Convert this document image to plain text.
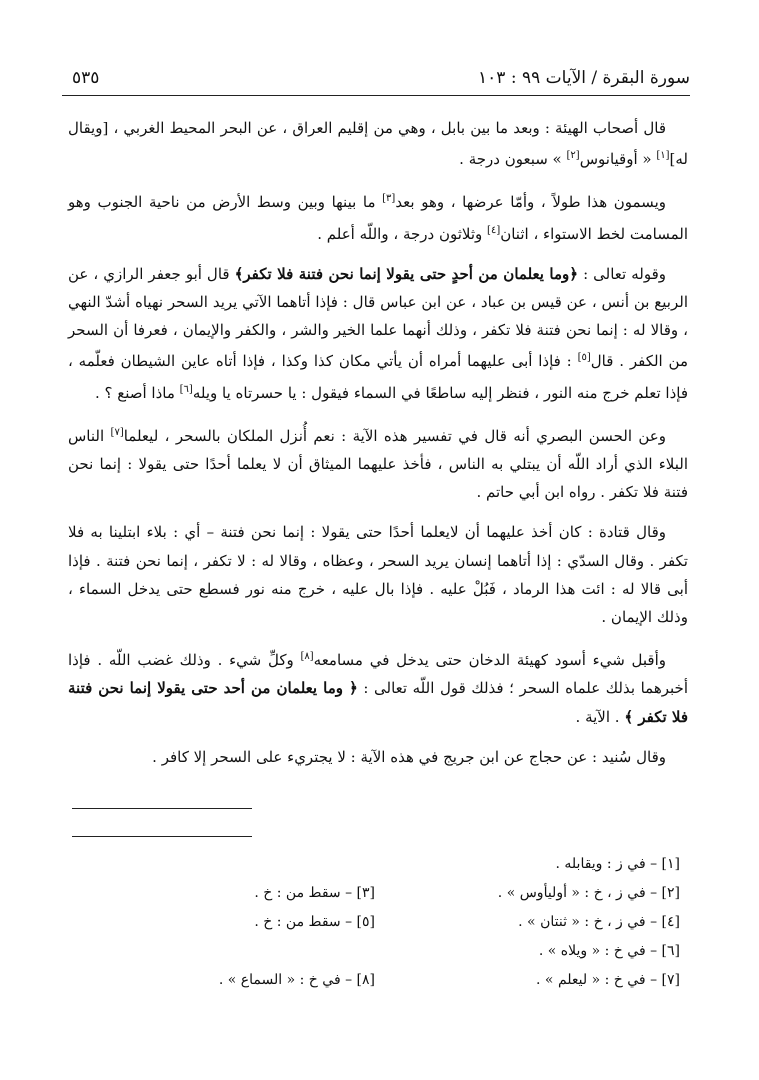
سورة البقرة / الآيات ٩٩ : ١٠٣
٥٣٥

قال أصحاب الهيئة : وبعد ما بين بابل ، وهي من إقليم العراق ، عن البحر المحيط الغربي ، [ويقال له][١] « أوقيانوس[٢] » سبعون درجة .

ويسمون هذا طولاً ، وأمّا عرضها ، وهو بعد[٣] ما بينها وبين وسط الأرض من ناحية الجنوب وهو المسامت لخط الاستواء ، اثنان[٤] وثلاثون درجة ، واللّه أعلم .

وقوله تعالى : ﴿وما يعلمان من أحدٍ حتى يقولا إنما نحن فتنة فلا تكفر﴾ قال أبو جعفر الرازي ، عن الربيع بن أنس ، عن قيس بن عباد ، عن ابن عباس قال : فإذا أتاهما الآتي يريد السحر نهياه أشدّ النهي ، وقالا له : إنما نحن فتنة فلا تكفر ، وذلك أنهما علما الخير والشر ، والكفر والإيمان ، فعرفا أن السحر من الكفر . قال[٥] : فإذا أبى عليهما أمراه أن يأتي مكان كذا وكذا ، فإذا أتاه عاين الشيطان فعلّمه ، فإذا تعلم خرج منه النور ، فنظر إليه ساطعًا في السماء فيقول : يا حسرتاه يا ويله[٦] ماذا أصنع ؟ .

وعن الحسن البصري أنه قال في تفسير هذه الآية : نعم أُنزل الملكان بالسحر ، ليعلما[٧] الناس البلاء الذي أراد اللّه أن يبتلي به الناس ، فأخذ عليهما الميثاق أن لا يعلما أحدًا حتى يقولا : إنما نحن فتنة فلا تكفر . رواه ابن أبي حاتم .

وقال قتادة : كان أخذ عليهما أن لايعلما أحدًا حتى يقولا : إنما نحن فتنة – أي : بلاء ابتلينا به فلا تكفر . وقال السدّي : إذا أتاهما إنسان يريد السحر ، وعظاه ، وقالا له : لا تكفر ، إنما نحن فتنة . فإذا أبى قالا له : ائت هذا الرماد ، فَبُلْ عليه . فإذا بال عليه ، خرج منه نور فسطع حتى يدخل السماء ، وذلك الإيمان .

وأقبل شيء أسود كهيئة الدخان حتى يدخل في مسامعه[٨] وكلِّ شيء . وذلك غضب اللّه . فإذا أخبرهما بذلك علماه السحر ؛ فذلك قول اللّه تعالى : ﴿ وما يعلمان من أحد حتى يقولا إنما نحن فتنة فلا تكفر ﴾ . الآية .

وقال سُنيد : عن حجاج عن ابن جريج في هذه الآية : لا يجتريء على السحر إلا كافر .

[١] – في ز : ويقابله .
[٢] – في ز ، خ : « أوليأوس » .
[٣] – سقط من : خ .
[٤] – في ز ، خ : « ثنتان » .
[٥] – سقط من : خ .
[٦] – في خ : « ويلاه » .
[٧] – في خ : « ليعلم » .
[٨] – في خ : « السماع » .
